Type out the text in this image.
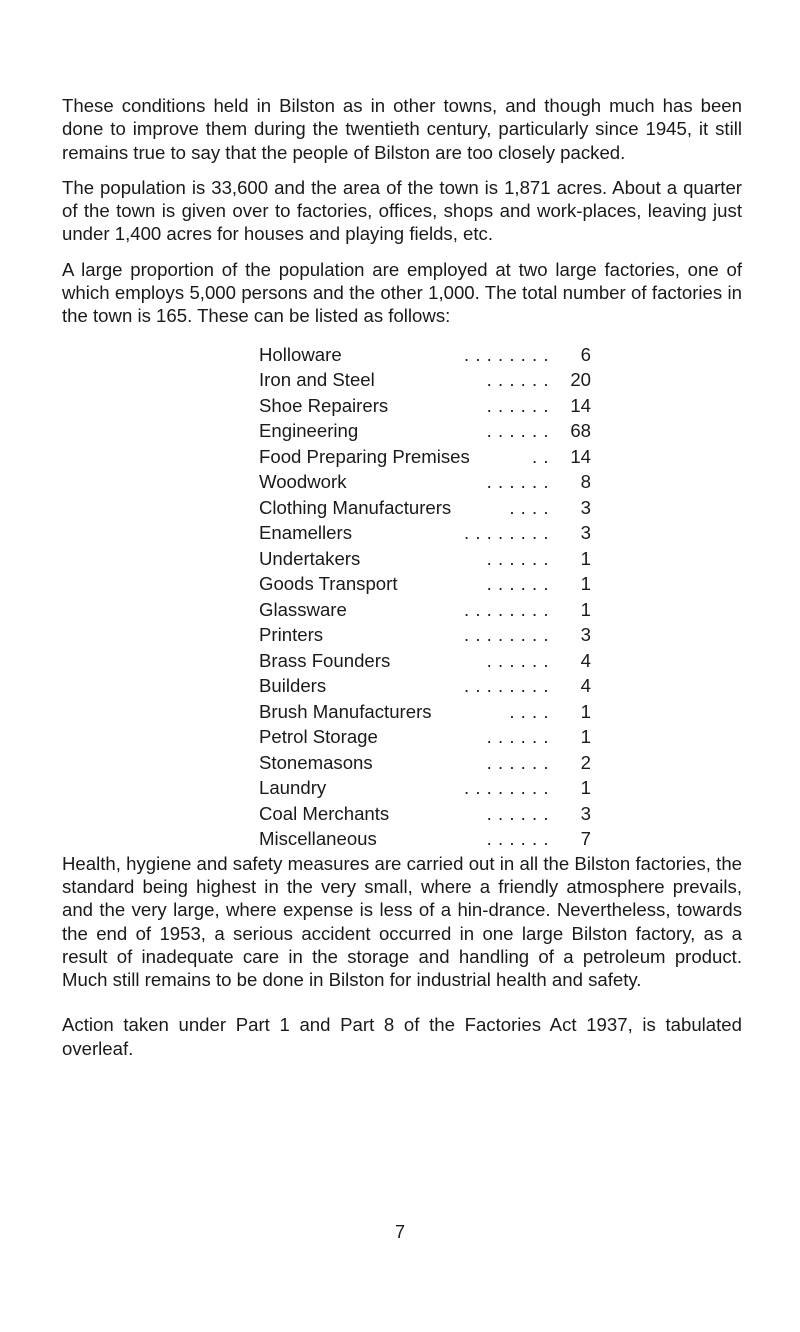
These conditions held in Bilston as in other towns, and though much has been done to improve them during the twentieth century, particularly since 1945, it still remains true to say that the people of Bilston are too closely packed.

The population is 33,600 and the area of the town is 1,871 acres. About a quarter of the town is given over to factories, offices, shops and work-places, leaving just under 1,400 acres for houses and playing fields, etc.

A large proportion of the population are employed at two large factories, one of which employs 5,000 persons and the other 1,000. The total number of factories in the town is 165. These can be listed as follows:

Holloware	. . . . . . . .	6
Iron and Steel	. . . . . .	20
Shoe Repairers	. . . . . .	14
Engineering	. . . . . .	68
Food Preparing Premises	. .	14
Woodwork	. . . . . .	8
Clothing Manufacturers	. . . .	3
Enamellers	. . . . . . . .	3
Undertakers	. . . . . .	1
Goods Transport	. . . . . .	1
Glassware	. . . . . . . .	1
Printers	. . . . . . . .	3
Brass Founders	. . . . . .	4
Builders	. . . . . . . .	4
Brush Manufacturers	. . . .	1
Petrol Storage	. . . . . .	1
Stonemasons	. . . . . .	2
Laundry	. . . . . . . .	1
Coal Merchants	. . . . . .	3
Miscellaneous	. . . . . .	7

Health, hygiene and safety measures are carried out in all the Bilston factories, the standard being highest in the very small, where a friendly atmosphere prevails, and the very large, where expense is less of a hin-drance. Nevertheless, towards the end of 1953, a serious accident occurred in one large Bilston factory, as a result of inadequate care in the storage and handling of a petroleum product. Much still remains to be done in Bilston for industrial health and safety.

Action taken under Part 1 and Part 8 of the Factories Act 1937, is tabulated overleaf.

7
